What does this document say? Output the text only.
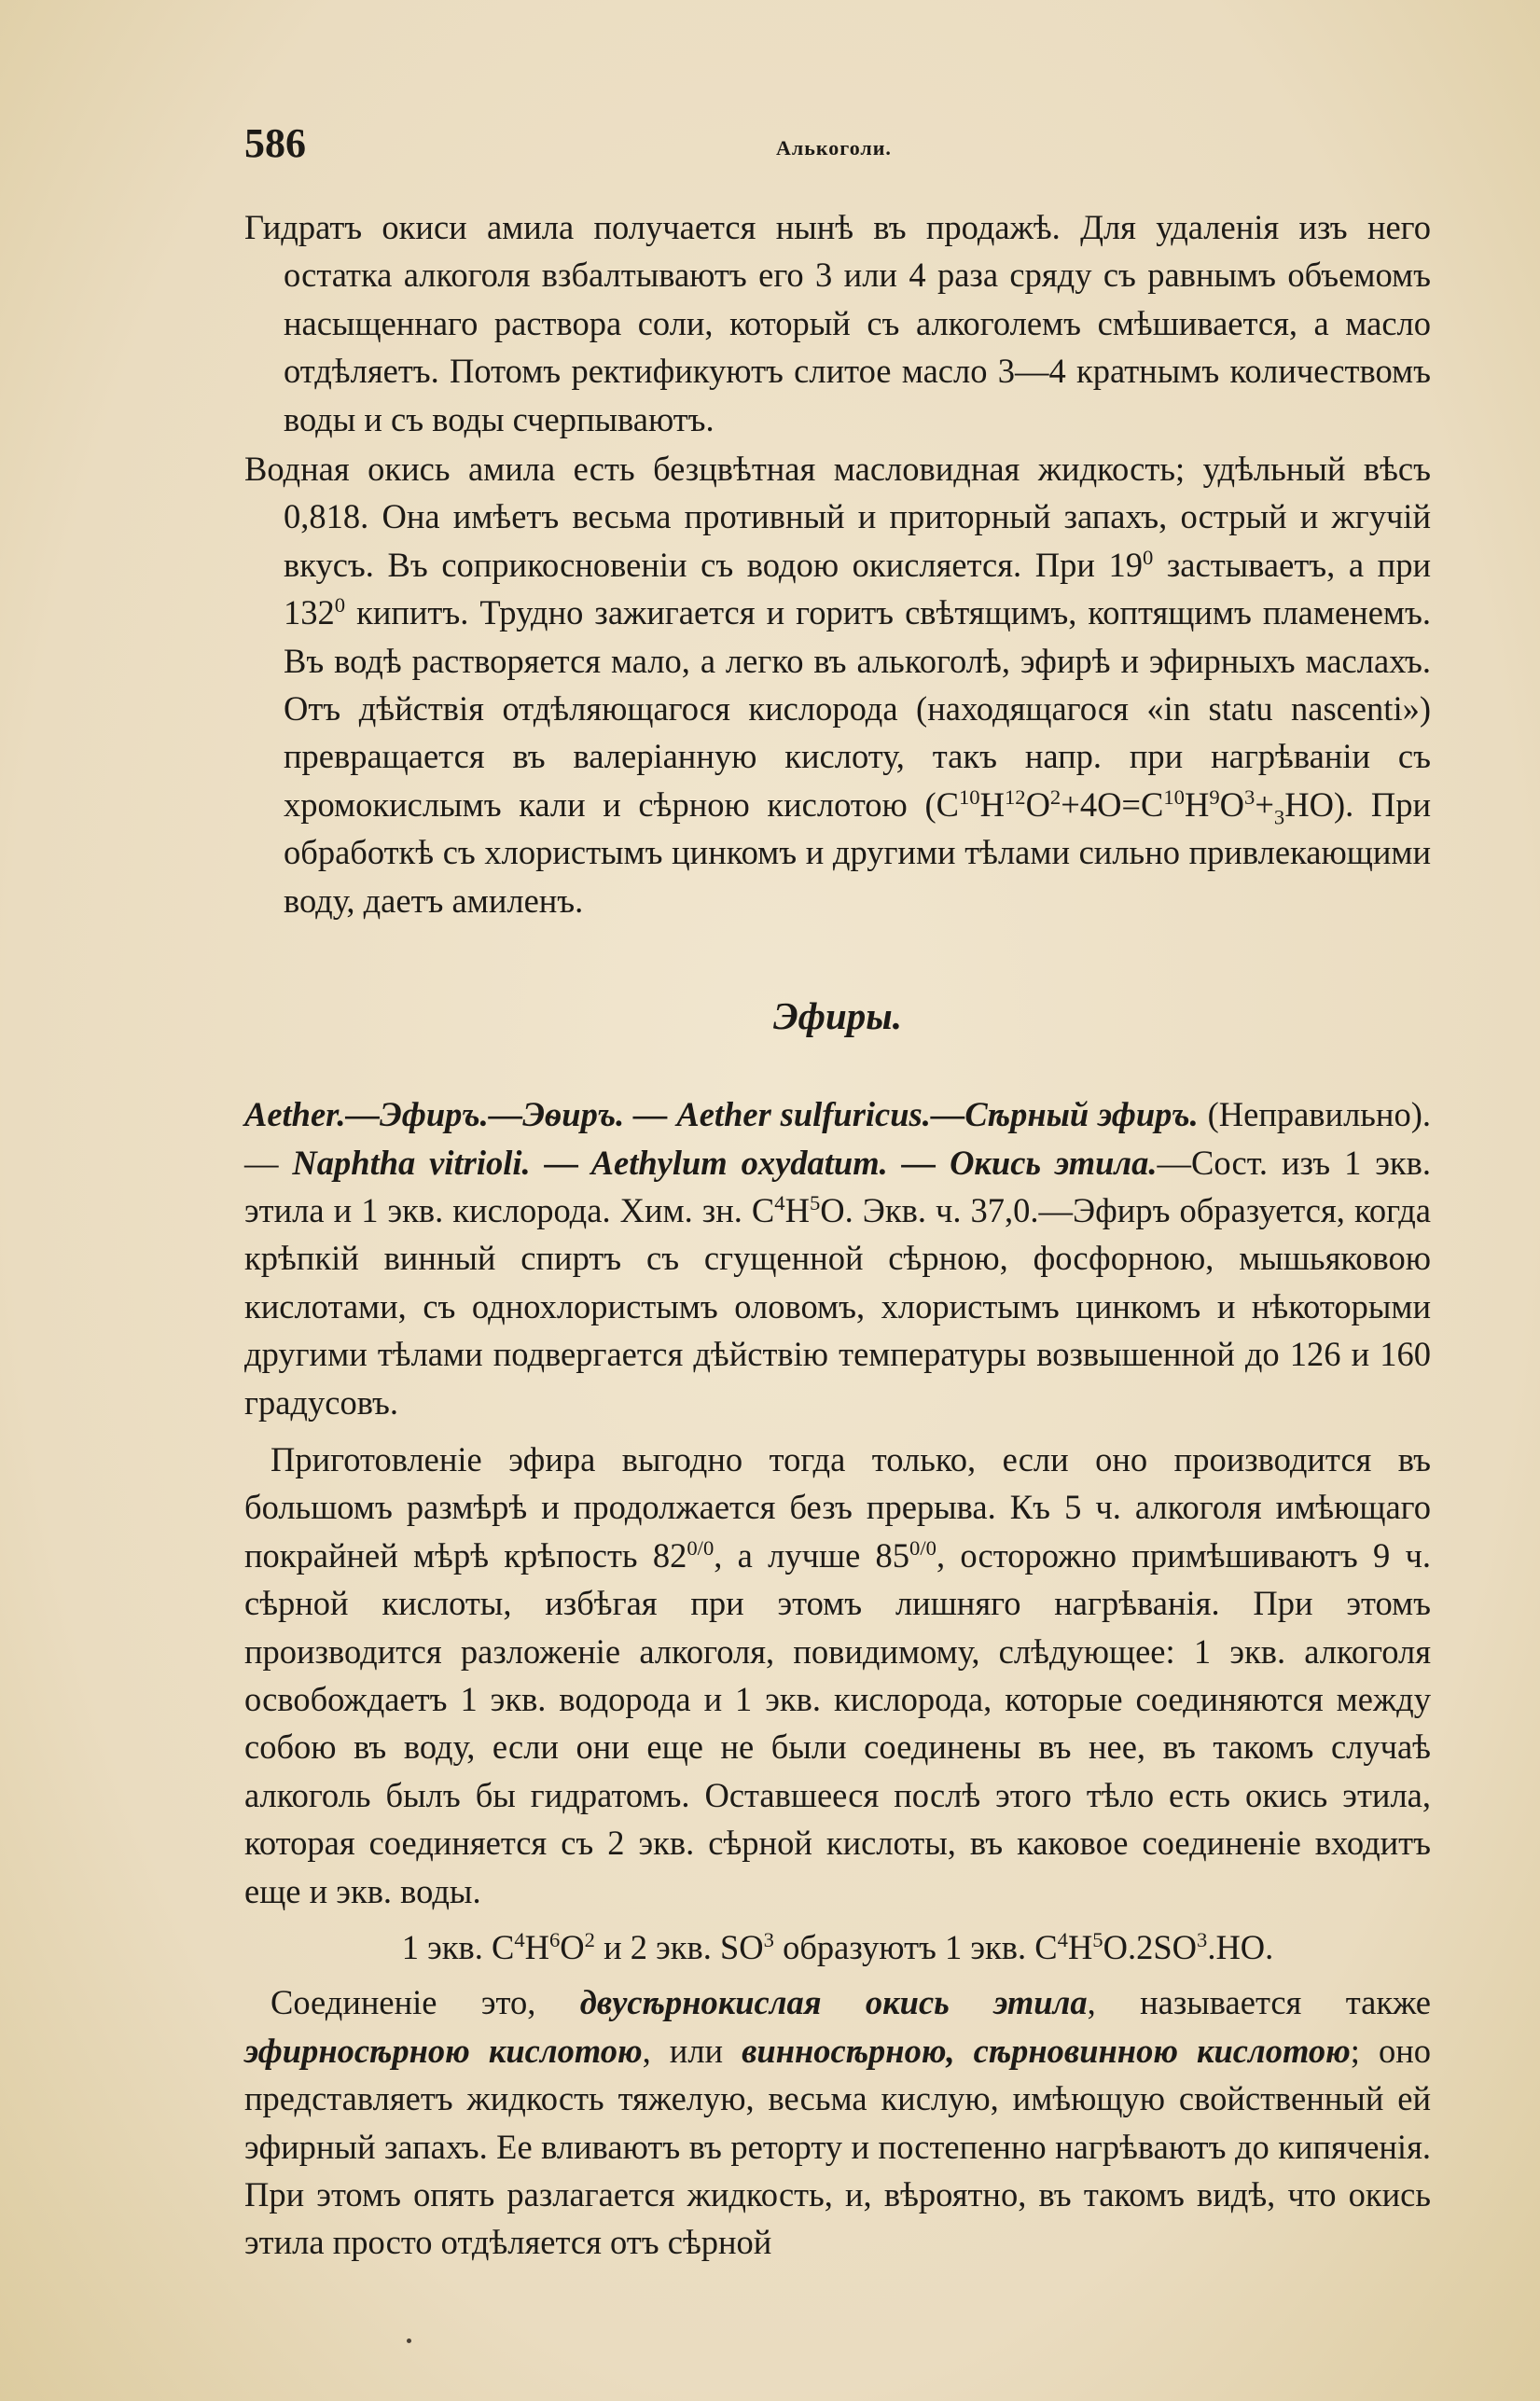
586	Алькоголи.

Гидратъ окиси амила получается нынѣ въ продажѣ. Для удаленія изъ него остатка алкоголя взбалтываютъ его 3 или 4 раза сряду съ равнымъ объемомъ насыщеннаго раствора соли, который съ алкоголемъ смѣшивается, а масло отдѣляетъ. Потомъ ректификуютъ слитое масло 3—4 кратнымъ количествомъ воды и съ воды счерпываютъ.

Водная окись амила есть безцвѣтная масловидная жидкость; удѣльный вѣсъ 0,818. Она имѣетъ весьма противный и приторный запахъ, острый и жгучій вкусъ. Въ соприкосновеніи съ водою окисляется. При $19^0$ застываетъ, а при $132^0$ кипитъ. Трудно зажигается и горитъ свѣтящимъ, коптящимъ пламенемъ. Въ водѣ растворяется мало, а легко въ алькоголѣ, эфирѣ и эфирныхъ маслахъ. Отъ дѣйствія отдѣляющагося кислорода (находящагося «in statu nascenti») превращается въ валеріанную кислоту, такъ напр. при нагрѣваніи съ хромокислымъ кали и сѣрною кислотою $(C^{10}H^{12}O^2+4O=C^{10}H^9O^3+_3HO)$. При обработкѣ съ хлористымъ цинкомъ и другими тѣлами сильно привлекающими воду, даетъ амиленъ.

Эфиры.

Aether.—Эфиръ.—Эѳиръ. — Aether sulfuricus.—Сѣрный эфиръ. (Неправильно). — Naphtha vitrioli. — Aethylum oxydatum. — Окись этила.—Сост. изъ 1 экв. этила и 1 экв. кислорода. Хим. зн. $C^4H^5O$. Экв. ч. 37,0.—Эфиръ образуется, когда крѣпкій винный спиртъ съ сгущенной сѣрною, фосфорною, мышьяковою кислотами, съ однохлористымъ оловомъ, хлористымъ цинкомъ и нѣкоторыми другими тѣлами подвергается дѣйствію температуры возвышенной до 126 и 160 градусовъ.

Приготовленіе эфира выгодно тогда только, если оно производится въ большомъ размѣрѣ и продолжается безъ прерыва. Къ 5 ч. алкоголя имѣющаго покрайней мѣрѣ крѣпость $82^{0/0}$, а лучше $85^{0/0}$, осторожно примѣшиваютъ 9 ч. сѣрной кислоты, избѣгая при этомъ лишняго нагрѣванія. При этомъ производится разложеніе алкоголя, повидимому, слѣдующее: 1 экв. алкоголя освобождаетъ 1 экв. водорода и 1 экв. кислорода, которые соединяются между собою въ воду, если они еще не были соединены въ нее, въ такомъ случаѣ алкоголь былъ бы гидратомъ. Оставшееся послѣ этого тѣло есть окись этила, которая соединяется съ 2 экв. сѣрной кислоты, въ каковое соединеніе входитъ еще и экв. воды.

1 экв. $C^4H^6O^2$ и 2 экв. $SO^3$ образуютъ 1 экв. $C^4H^5O.2SO^3.HO$.

Соединеніе это, двусѣрнокислая окись этила, называется также эфирносѣрною кислотою, или винносѣрною, сѣрновинною кислотою; оно представляетъ жидкость тяжелую, весьма кислую, имѣющую свойственный ей эфирный запахъ. Ее вливаютъ въ реторту и постепенно нагрѣваютъ до кипяченія. При этомъ опять разлагается жидкость, и, вѣроятно, въ такомъ видѣ, что окись этила просто отдѣляется отъ сѣрной
